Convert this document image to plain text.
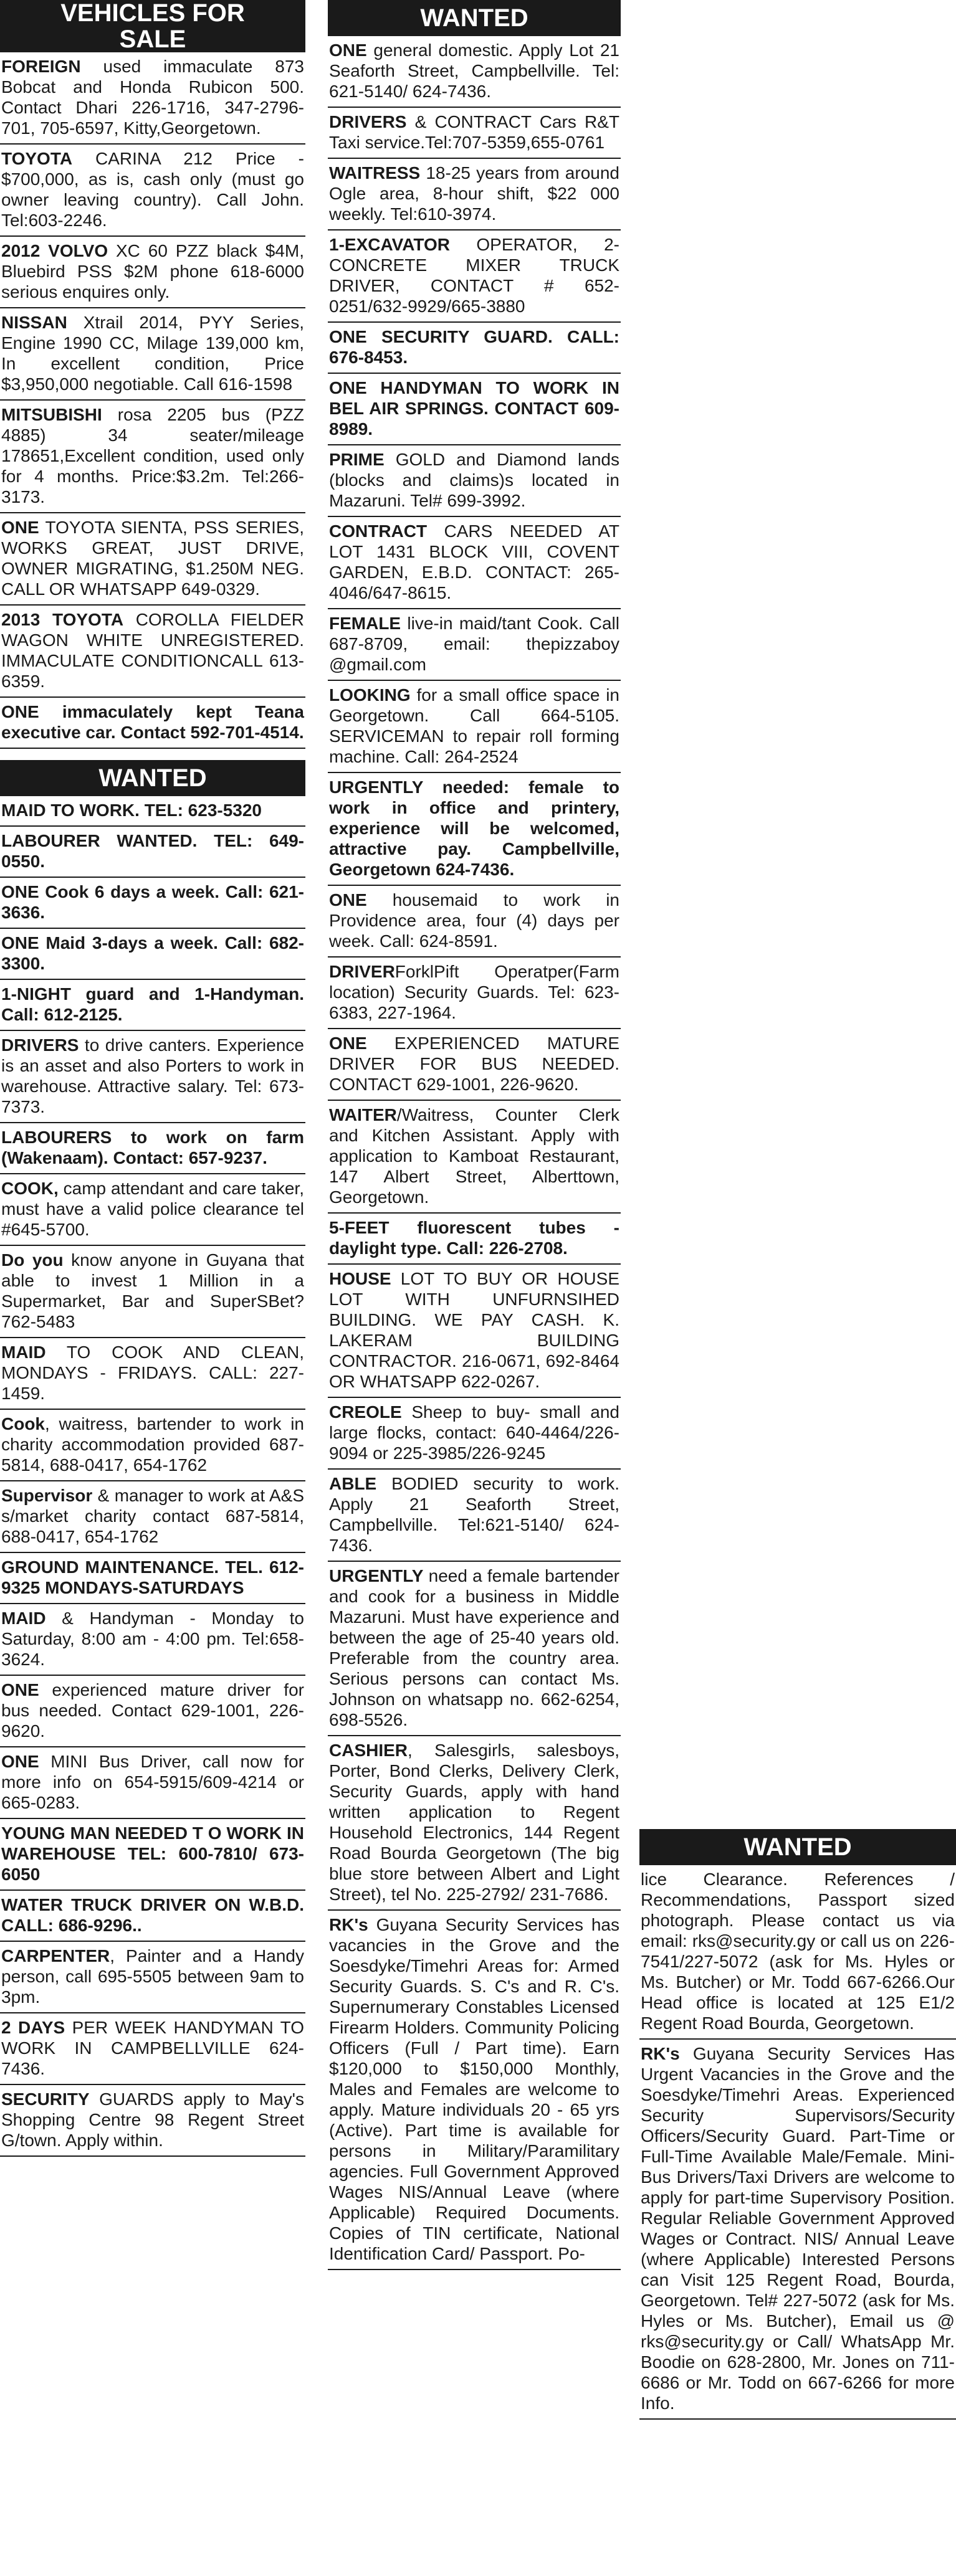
VEHICLES FOR
SALE
FOREIGN used immaculate 873 Bobcat and Honda Rubicon 500. Contact Dhari 226-1716, 347-2796-701, 705-6597, Kitty,Georgetown.
TOYOTA CARINA 212 Price - $700,000, as is, cash only (must go owner leaving country). Call John. Tel:603-2246.
2012 VOLVO XC 60 PZZ black $4M, Bluebird PSS $2M phone 618-6000 serious enquires only.
NISSAN Xtrail 2014, PYY Series, Engine 1990 CC, Milage 139,000 km, In excellent condition, Price $3,950,000 negotiable. Call 616-1598
MITSUBISHI rosa 2205 bus (PZZ 4885) 34 seater/mileage 178651,Excellent condition, used only for 4 months. Price:$3.2m. Tel:266-3173.
ONE TOYOTA SIENTA, PSS SERIES, WORKS GREAT, JUST DRIVE, OWNER MIGRATING, $1.250M NEG. CALL OR WHATSAPP 649-0329.
2013 TOYOTA COROLLA FIELDER WAGON WHITE UNREGISTERED. IMMACULATE CONDITIONCALL 613-6359.
ONE immaculately kept Teana executive car. Contact 592-701-4514.
WANTED
MAID TO WORK. TEL: 623-5320
LABOURER WANTED. TEL: 649-0550.
ONE Cook 6 days a week. Call: 621-3636.
ONE Maid 3-days a week. Call: 682-3300.
1-NIGHT guard and 1-Handyman. Call: 612-2125.
DRIVERS to drive canters. Experience is an asset and also Porters to work in warehouse. Attractive salary. Tel: 673-7373.
LABOURERS to work on farm (Wakenaam). Contact: 657-9237.
COOK, camp attendant and care taker, must have a valid police clearance tel #645-5700.
Do you know anyone in Guyana that able to invest 1 Million in a Supermarket, Bar and SuperSBet? 762-5483
MAID TO COOK AND CLEAN, MONDAYS - FRIDAYS. CALL: 227-1459.
Cook, waitress, bartender to work in charity accommodation provided 687-5814, 688-0417, 654-1762
Supervisor & manager to work at A&S s/market charity contact 687-5814, 688-0417, 654-1762
GROUND MAINTENANCE. TEL. 612-9325 MONDAYS-SATURDAYS
MAID & Handyman - Monday to Saturday, 8:00 am - 4:00 pm. Tel:658-3624.
ONE experienced mature driver for bus needed. Contact 629-1001, 226-9620.
ONE MINI Bus Driver, call now for more info on 654-5915/609-4214 or 665-0283.
YOUNG MAN NEEDED T O WORK IN WAREHOUSE TEL: 600-7810/ 673-6050
WATER TRUCK DRIVER ON W.B.D. CALL: 686-9296..
CARPENTER, Painter and a Handy person, call 695-5505 between 9am to 3pm.
2 DAYS PER WEEK HANDYMAN TO WORK IN CAMPBELLVILLE 624-7436.
SECURITY GUARDS apply to May's Shopping Centre 98 Regent Street G/town. Apply within.
WANTED
ONE general domestic. Apply Lot 21 Seaforth Street, Campbellville. Tel: 621-5140/ 624-7436.
DRIVERS & CONTRACT Cars R&T Taxi service.Tel:707-5359,655-0761
WAITRESS 18-25 years from around Ogle area, 8-hour shift, $22 000 weekly. Tel:610-3974.
1-EXCAVATOR OPERATOR, 2- CONCRETE MIXER TRUCK DRIVER, CONTACT # 652-0251/632-9929/665-3880
ONE SECURITY GUARD. CALL: 676-8453.
ONE HANDYMAN TO WORK IN BEL AIR SPRINGS. CONTACT 609-8989.
PRIME GOLD and Diamond lands (blocks and claims)s located in Mazaruni. Tel# 699-3992.
CONTRACT CARS NEEDED AT LOT 1431 BLOCK VIII, COVENT GARDEN, E.B.D. CONTACT: 265-4046/647-8615.
FEMALE live-in maid/tant Cook. Call 687-8709, email: thepizzaboy @gmail.com
LOOKING for a small office space in Georgetown. Call 664-5105. SERVICEMAN to repair roll forming machine. Call: 264-2524
URGENTLY needed: female to work in office and printery, experience will be welcomed, attractive pay. Campbellville, Georgetown 624-7436.
ONE housemaid to work in Providence area, four (4) days per week. Call: 624-8591.
DRIVERForklPift Operatper(Farm location) Security Guards. Tel: 623-6383, 227-1964.
ONE EXPERIENCED MATURE DRIVER FOR BUS NEEDED. CONTACT 629-1001, 226-9620.
WAITER/Waitress, Counter Clerk and Kitchen Assistant. Apply with application to Kamboat Restaurant, 147 Albert Street, Alberttown, Georgetown.
5-FEET fluorescent tubes - daylight type. Call: 226-2708.
HOUSE LOT TO BUY OR HOUSE LOT WITH UNFURNSIHED BUILDING. WE PAY CASH. K. LAKERAM BUILDING CONTRACTOR. 216-0671, 692-8464 OR WHATSAPP 622-0267.
CREOLE Sheep to buy- small and large flocks, contact: 640-4464/226-9094 or 225-3985/226-9245
ABLE BODIED security to work. Apply 21 Seaforth Street, Campbellville. Tel:621-5140/ 624-7436.
URGENTLY need a female bartender and cook for a business in Middle Mazaruni. Must have experience and between the age of 25-40 years old. Preferable from the country area. Serious persons can contact Ms. Johnson on whatsapp no. 662-6254, 698-5526.
CASHIER, Salesgirls, salesboys, Porter, Bond Clerks, Delivery Clerk, Security Guards, apply with hand written application to Regent Household Electronics, 144 Regent Road Bourda Georgetown (The big blue store between Albert and Light Street), tel No. 225-2792/ 231-7686.
RK's Guyana Security Services has vacancies in the Grove and the Soesdyke/Timehri Areas for: Armed Security Guards. S. C's and R. C's. Supernumerary Constables Licensed Firearm Holders. Community Policing Officers (Full / Part time). Earn $120,000 to $150,000 Monthly, Males and Females are welcome to apply. Mature individuals 20 - 65 yrs (Active). Part time is available for persons in Military/Paramilitary agencies. Full Government Approved Wages NIS/Annual Leave (where Applicable) Required Documents. Copies of TIN certificate, National Identification Card/ Passport. Po-
WANTED
lice Clearance. References / Recommendations, Passport sized photograph. Please contact us via email: rks@security.gy or call us on 226-7541/227-5072 (ask for Ms. Hyles or Ms. Butcher) or Mr. Todd 667-6266.Our Head office is located at 125 E1/2 Regent Road Bourda, Georgetown.
RK's Guyana Security Services Has Urgent Vacancies in the Grove and the Soesdyke/Timehri Areas. Experienced Security Supervisors/Security Officers/Security Guard. Part-Time or Full-Time Available Male/Female. Mini-Bus Drivers/Taxi Drivers are welcome to apply for part-time Supervisory Position. Regular Reliable Government Approved Wages or Contract. NIS/ Annual Leave (where Applicable) Interested Persons can Visit 125 Regent Road, Bourda, Georgetown. Tel# 227-5072 (ask for Ms. Hyles or Ms. Butcher), Email us @ rks@security.gy or Call/ WhatsApp Mr. Boodie on 628-2800, Mr. Jones on 711-6686 or Mr. Todd on 667-6266 for more Info.
